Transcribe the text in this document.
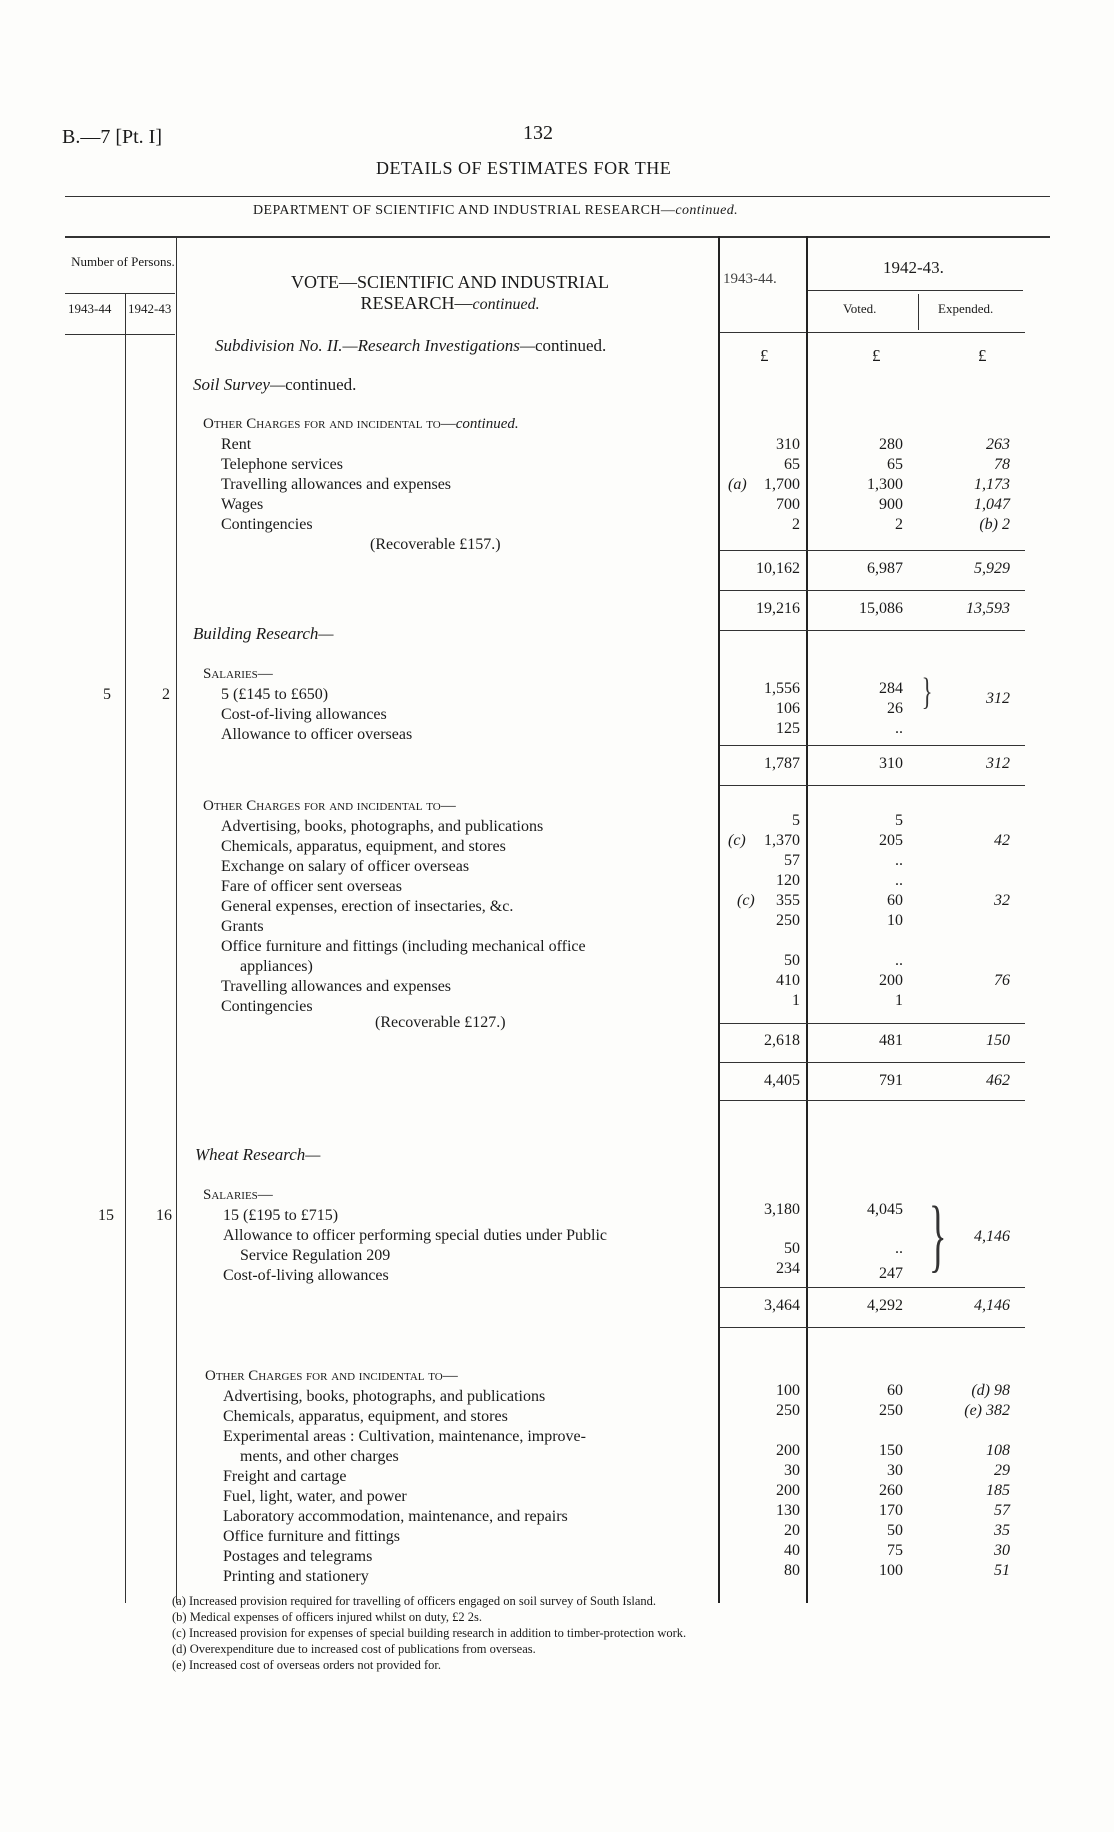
B.—7 [Pt. I]	132
DETAILS OF ESTIMATES FOR THE
DEPARTMENT OF SCIENTIFIC AND INDUSTRIAL RESEARCH—continued.
Number of Persons.
1943-44 1942-43
VOTE—SCIENTIFIC AND INDUSTRIAL
RESEARCH—continued.
1943-44.
1942-43.
Voted.	Expended.
£	£	£
Subdivision No. II.—Research Investigations—continued.
Soil Survey—continued.
Other Charges for and incidental to—continued.
Rent	310	280	263
Telephone services	65	65	78
Travelling allowances and expenses	(a)	1,700	1,300	1,173
Wages	700	900	1,047
Contingencies	2	2	(b) 2
(Recoverable £157.)
10,162	6,987	5,929
19,216	15,086	13,593
Building Research—
Salaries—
5	2	5 (£145 to £650)	1,556	284
Cost-of-living allowances	106	26
Allowance to officer overseas	125	..
}	312
1,787	310	312
Other Charges for and incidental to—
Advertising, books, photographs, and publications	5	5
Chemicals, apparatus, equipment, and stores	(c)	1,370	205	42
Exchange on salary of officer overseas	57	..
Fare of officer sent overseas	120	..
General expenses, erection of insectaries, &c.	(c)	355	60	32
Grants	250	10
Office furniture and fittings (including mechanical office
appliances)	50	..
Travelling allowances and expenses	410	200	76
Contingencies	1	1
(Recoverable £127.)
2,618	481	150
4,405	791	462
Wheat Research—
Salaries—
15	16	15 (£195 to £715)	3,180	4,045
Allowance to officer performing special duties under Public
Service Regulation 209	50	..
Cost-of-living allowances	234	247 }	4,146
3,464	4,292	4,146
Other Charges for and incidental to—
Advertising, books, photographs, and publications	100	60	(d) 98
Chemicals, apparatus, equipment, and stores	250	250	(e) 382
Experimental areas : Cultivation, maintenance, improve-
ments, and other charges	200	150	108
Freight and cartage	30	30	29
Fuel, light, water, and power	200	260	185
Laboratory accommodation, maintenance, and repairs	130	170	57
Office furniture and fittings	20	50	35
Postages and telegrams	40	75	30
Printing and stationery	80	100	51
(a) Increased provision required for travelling of officers engaged on soil survey of South Island.
(b) Medical expenses of officers injured whilst on duty, £2 2s.
(c) Increased provision for expenses of special building research in addition to timber-protection work.
(d) Overexpenditure due to increased cost of publications from overseas.
(e) Increased cost of overseas orders not provided for.
